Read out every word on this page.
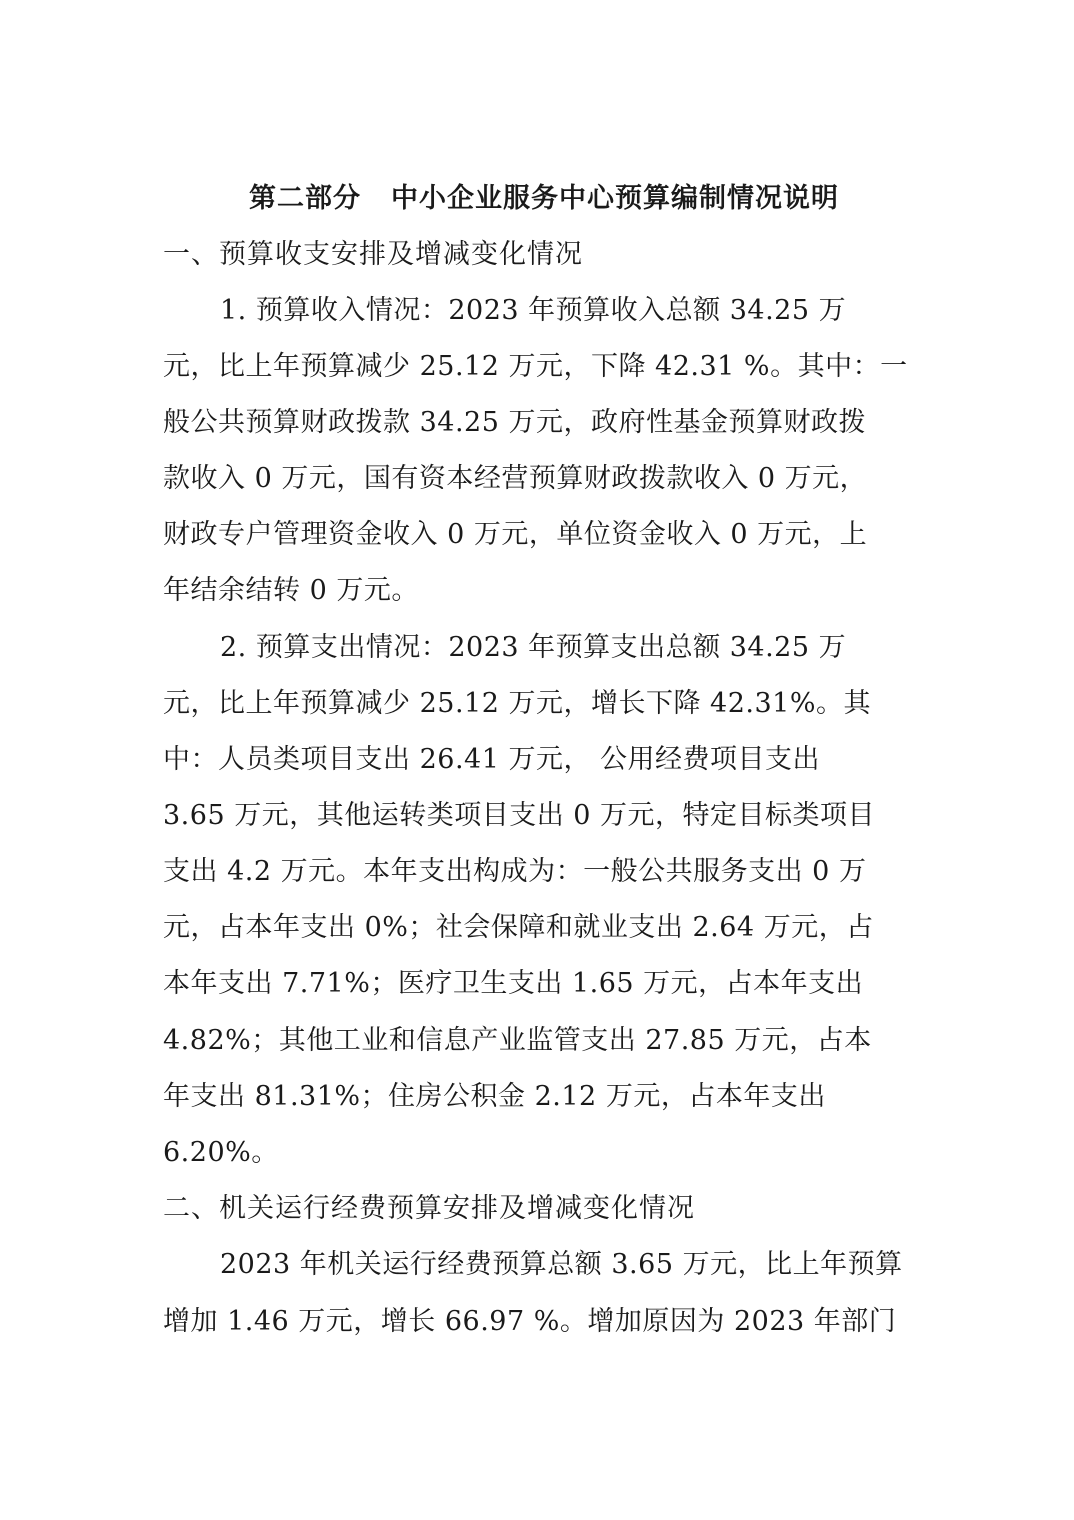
第二部分 中小企业服务中心预算编制情况说明
一、预算收支安排及增减变化情况
1. 预算收入情况：2023 年预算收入总额 34.25 万
元，比上年预算减少 25.12 万元，下降 42.31 %。其中：一
般公共预算财政拨款 34.25 万元，政府性基金预算财政拨
款收入 0 万元，国有资本经营预算财政拨款收入 0 万元，
财政专户管理资金收入 0 万元，单位资金收入 0 万元，上
年结余结转 0 万元。
2. 预算支出情况：2023 年预算支出总额 34.25 万
元，比上年预算减少 25.12 万元，增长下降 42.31%。其
中：人员类项目支出 26.41 万元， 公用经费项目支出
3.65 万元，其他运转类项目支出 0 万元，特定目标类项目
支出 4.2 万元。本年支出构成为：一般公共服务支出 0 万
元，占本年支出 0%；社会保障和就业支出 2.64 万元，占
本年支出 7.71%；医疗卫生支出 1.65 万元，占本年支出
4.82%；其他工业和信息产业监管支出 27.85 万元，占本
年支出 81.31%；住房公积金 2.12 万元，占本年支出
6.20%。
二、机关运行经费预算安排及增减变化情况
2023 年机关运行经费预算总额 3.65 万元，比上年预算
增加 1.46 万元，增长 66.97 %。增加原因为 2023 年部门
